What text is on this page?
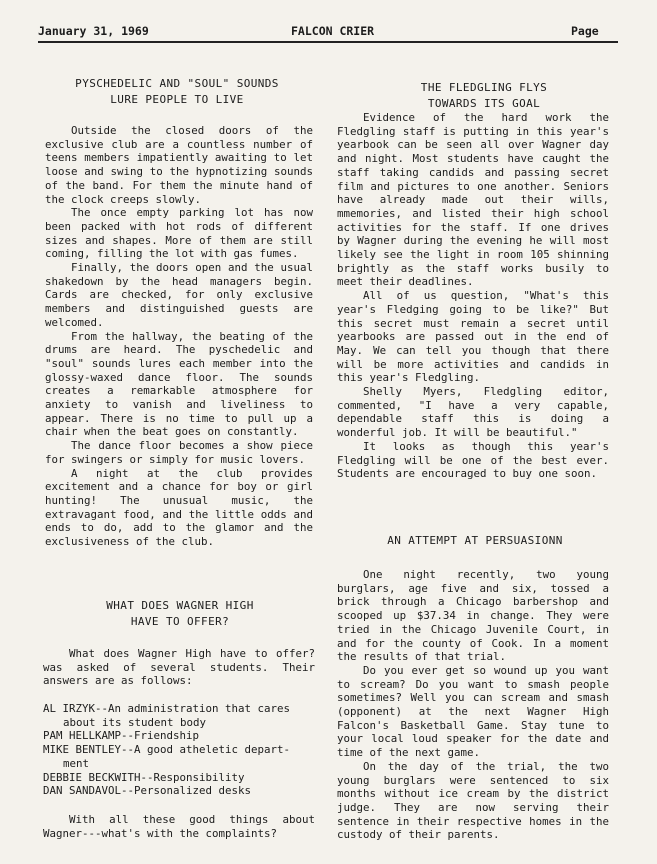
January 31, 1969	FALCON CRIER	Page
PYSCHEDELIC AND "SOUL" SOUNDS
LURE PEOPLE TO LIVE

Outside the closed doors of the exclusive club are a countless number of teens members impatiently awaiting to let loose and swing to the hypnotizing sounds of the band. For them the minute hand of the clock creeps slowly.

The once empty parking lot has now been packed with hot rods of different sizes and shapes. More of them are still coming, filling the lot with gas fumes.

Finally, the doors open and the usual shakedown by the head managers begin. Cards are checked, for only exclusive members and distinguished guests are welcomed.

From the hallway, the beating of the drums are heard. The pyschedelic and "soul" sounds lures each member into the glossy-waxed dance floor. The sounds creates a remarkable atmosphere for anxiety to vanish and liveliness to appear. There is no time to pull up a chair when the beat goes on constantly.

The dance floor becomes a show piece for swingers or simply for music lovers.

A night at the club provides excitement and a chance for boy or girl hunting! The unusual music, the extravagant food, and the little odds and ends to do, add to the glamor and the exclusiveness of the club.

WHAT DOES WAGNER HIGH
HAVE TO OFFER?

What does Wagner High have to offer? was asked of several students. Their answers are as follows:

AL IRZYK--An administration that cares
about its student body
PAM HELLKAMP--Friendship
MIKE BENTLEY--A good atheletic depart-
ment
DEBBIE BECKWITH--Responsibility
DAN SANDAVOL--Personalized desks

With all these good things about Wagner---what's with the complaints?

THE FLEDGLING FLYS
TOWARDS ITS GOAL

Evidence of the hard work the Fledgling staff is putting in this year's yearbook can be seen all over Wagner day and night. Most students have caught the staff taking candids and passing secret film and pictures to one another. Seniors have already made out their wills, mmemories, and listed their high school activities for the staff. If one drives by Wagner during the evening he will most likely see the light in room 105 shinning brightly as the staff works busily to meet their deadlines.

All of us question, "What's this year's Fledging going to be like?" But this secret must remain a secret until yearbooks are passed out in the end of May. We can tell you though that there will be more activities and candids in this year's Fledgling.

Shelly Myers, Fledgling editor, commented, "I have a very capable, dependable staff this is doing a wonderful job. It will be beautiful."

It looks as though this year's Fledgling will be one of the best ever. Students are encouraged to buy one soon.

AN ATTEMPT AT PERSUASIONN

One night recently, two young burglars, age five and six, tossed a brick through a Chicago barbershop and scooped up $37.34 in change. They were tried in the Chicago Juvenile Court, in and for the county of Cook. In a moment the results of that trial.

Do you ever get so wound up you want to scream? Do you want to smash people sometimes? Well you can scream and smash (opponent) at the next Wagner High Falcon's Basketball Game. Stay tune to your local loud speaker for the date and time of the next game.

On the day of the trial, the two young burglars were sentenced to six months without ice cream by the district judge. They are now serving their sentence in their respective homes in the custody of their parents.
